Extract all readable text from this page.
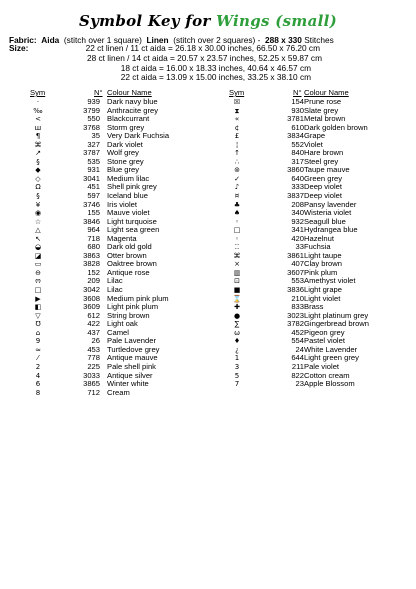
Symbol Key for Wings (small)
Fabric: Aida (stitch over 1 square) Linen (stitch over 2 squares) - 288 x 330 Stitches
Size:	22 ct linen / 11 ct aida = 26.18 x 30.00 inches, 66.50 x 76.20 cm
28 ct linen / 14 ct aida = 20.57 x 23.57 inches, 52.25 x 59.87 cm
18 ct aida = 16.00 x 18.33 inches, 40.64 x 46.57 cm
22 ct aida = 13.09 x 15.00 inches, 33.25 x 38.10 cm
Sym	N° Colour Name
·	939 Dark navy blue
‰	3799 Anthracite grey
<	550 Blackcurrant
ш	3768 Storm grey
¶	35 Very Dark Fuchsia
⌘	327 Dark violet
↗	3787 Wolf grey
§	535 Stone grey
◆	931 Blue grey
◇	3041 Medium lilac
Ω	451 Shell pink grey
§	597 Iceland blue
¥	3746 Iris violet
◉	155 Mauve violet
☆	3846 Light turquoise
△	964 Light sea green
↖	718 Magenta
◒	680 Dark old gold
◪	3863 Otter brown
▭	3828 Oaktree brown
⊖	152 Antique rose
ო	209 Lilac
□	3042 Lilac
▶	3608 Medium pink plum
◧	3609 Light pink plum
▽	612 String brown
℧	422 Light oak
⌂	437 Camel
9	26 Pale Lavender
≈	453 Turtledove grey
⁄	778 Antique mauve
2	225 Pale shell pink
4	3033 Antique silver
6	3865 Winter white
8	712 Cream
Sym	N° Colour Name
☒	154 Prune rose
⧗	930 Slate grey
«	3781 Metal brown
¢	610 Dark golden brown
£	3834 Grape
¦	552 Violet
↑	840 Hare brown
∴	317 Steel grey
⊚	3860 Taupe mauve
✓	640 Green grey
♪	333 Deep violet
¤	3837 Deep violet
♣	208 Pansy lavender
♠	340 Wisteria violet
◦	932 Seagull blue
□	341 Hydrangea blue
◦	420 Hazelnut
⁚⁚	33 Fuchsia
⌘	3861 Light taupe
×	407 Clay brown
▥	3607 Pink plum
⊡	553 Amethyst violet
■	3836 Light grape
⌛	210 Light violet
✚	833 Brass
●	3023 Light platinum grey
∑	3782 Gingerbread brown
ω	452 Pigeon grey
♦	554 Pastel violet
¿	24 White Lavender
1	644 Light green grey
3	211 Pale violet
5	822 Cotton cream
7	23 Apple Blossom
